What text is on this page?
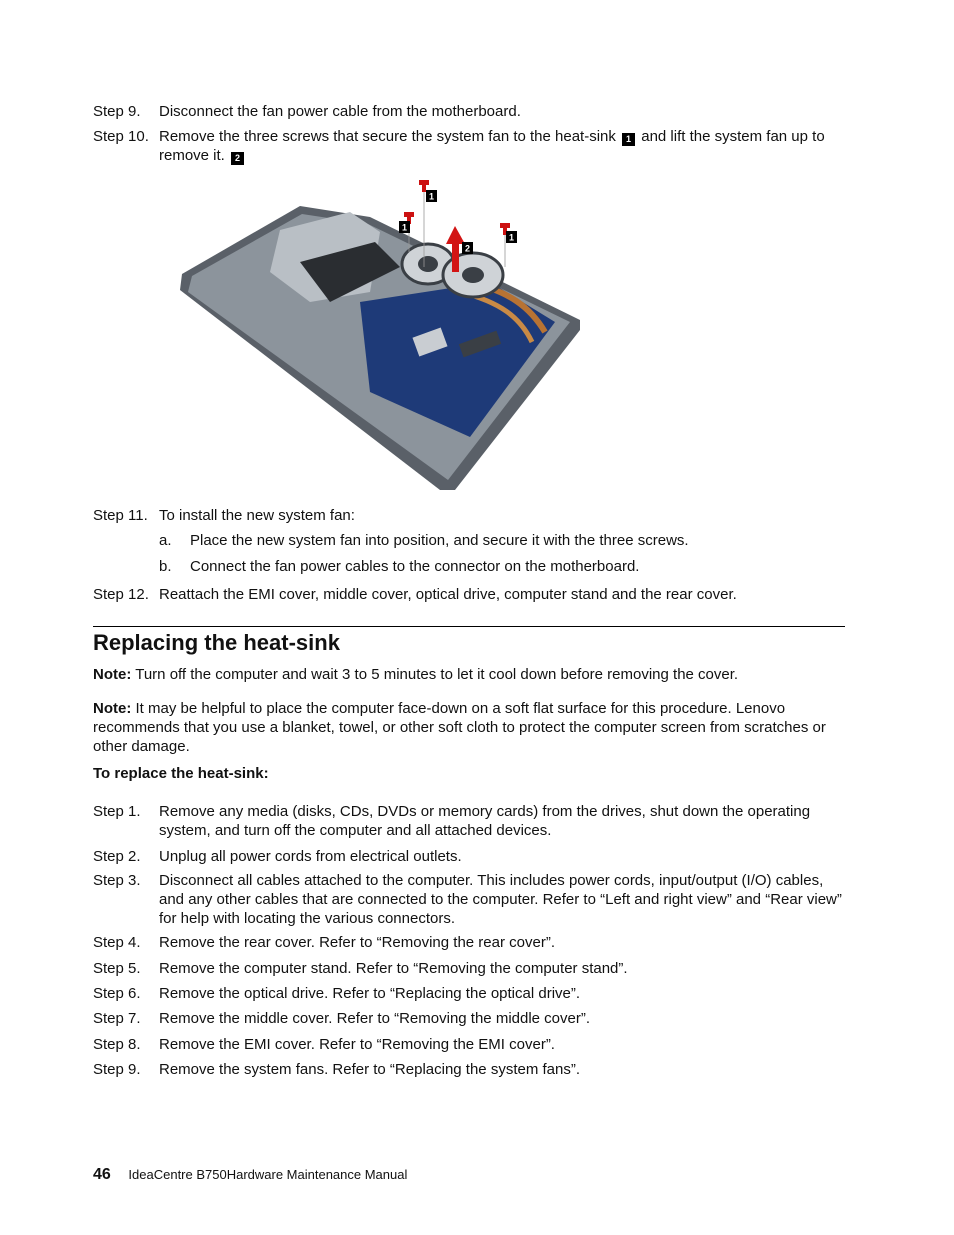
Step 9.	Disconnect the fan power cable from the motherboard.
Step 10. Remove the three screws that secure the system fan to the heat-sink 1 and lift the system fan up to remove it. 2
1
1
1
2
Step 11. To install the new system fan:
a.	Place the new system fan into position, and secure it with the three screws.
b.	Connect the fan power cables to the connector on the motherboard.
Step 12. Reattach the EMI cover, middle cover, optical drive, computer stand and the rear cover.
Replacing the heat-sink
Note: Turn off the computer and wait 3 to 5 minutes to let it cool down before removing the cover.
Note: It may be helpful to place the computer face-down on a soft flat surface for this procedure. Lenovo recommends that you use a blanket, towel, or other soft cloth to protect the computer screen from scratches or other damage.
To replace the heat-sink:
Step 1.	Remove any media (disks, CDs, DVDs or memory cards) from the drives, shut down the operating system, and turn off the computer and all attached devices.
Step 2.	Unplug all power cords from electrical outlets.
Step 3.	Disconnect all cables attached to the computer. This includes power cords, input/output (I/O) cables, and any other cables that are connected to the computer. Refer to “Left and right view” and “Rear view” for help with locating the various connectors.
Step 4.	Remove the rear cover. Refer to “Removing the rear cover”.
Step 5.	Remove the computer stand. Refer to “Removing the computer stand”.
Step 6.	Remove the optical drive. Refer to “Replacing the optical drive”.
Step 7.	Remove the middle cover. Refer to “Removing the middle cover”.
Step 8.	Remove the EMI cover. Refer to “Removing the EMI cover”.
Step 9.	Remove the system fans. Refer to “Replacing the system fans”.
46 IdeaCentre B750Hardware Maintenance Manual
